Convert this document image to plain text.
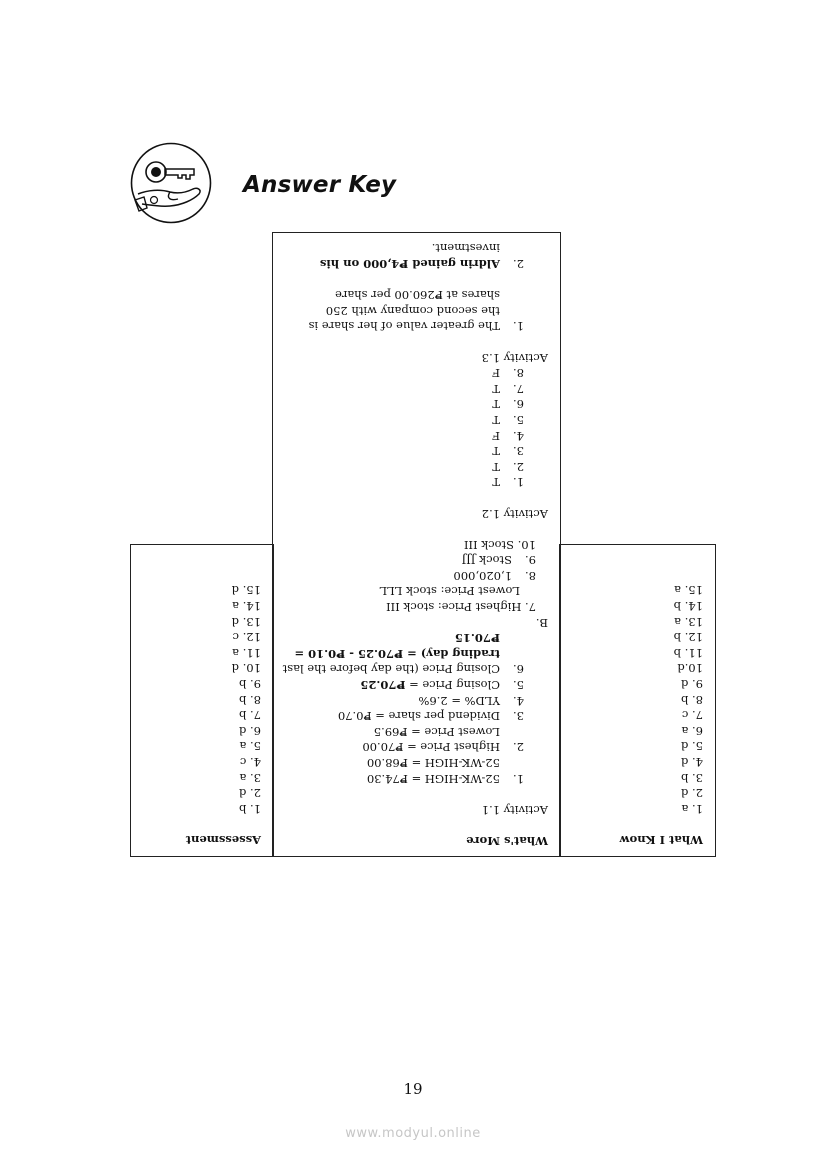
Answer Key
Assessment
1. b
2. d
3. a
4. c
5. a
6. d
7. b
8. b
9. b
10. d
11. a
12. c
13. d
14. a
15. d
What's More
Activity 1.1
1.52-WK-HIGH = ₱74.30
52-WK-HIGH = ₱68.00
2.Highest Price = ₱70.00
Lowest Price = ₱69.5
3.Dividend per share = ₱0.70
4.YLD% = 2.6%
5.Closing Price = ₱70.25
6.Closing Price (the day before the last
trading day) = ₱70.25 - ₱0.10 =
₱70.15
B.
7. Highest Price: stock III
Lowest Price: stock LLL
8.1,020,000
9.Stock JJJ
10. Stock III
Activity 1.2
1.T
2.T
3.T
4.F
5.T
6.T
7.T
8.F
Activity 1.3
1.The greater value of her share is
the second company with 250
shares at ₱260.00 per share
2.Aldrin gained ₱4,000 on his
investment.
What I Know
1. a
2. d
3. b
4. d
5. d
6. a
7. c
8. b
9. d
10.d
11. b
12. b
13. a
14. b
15. a
19
www.modyul.online
